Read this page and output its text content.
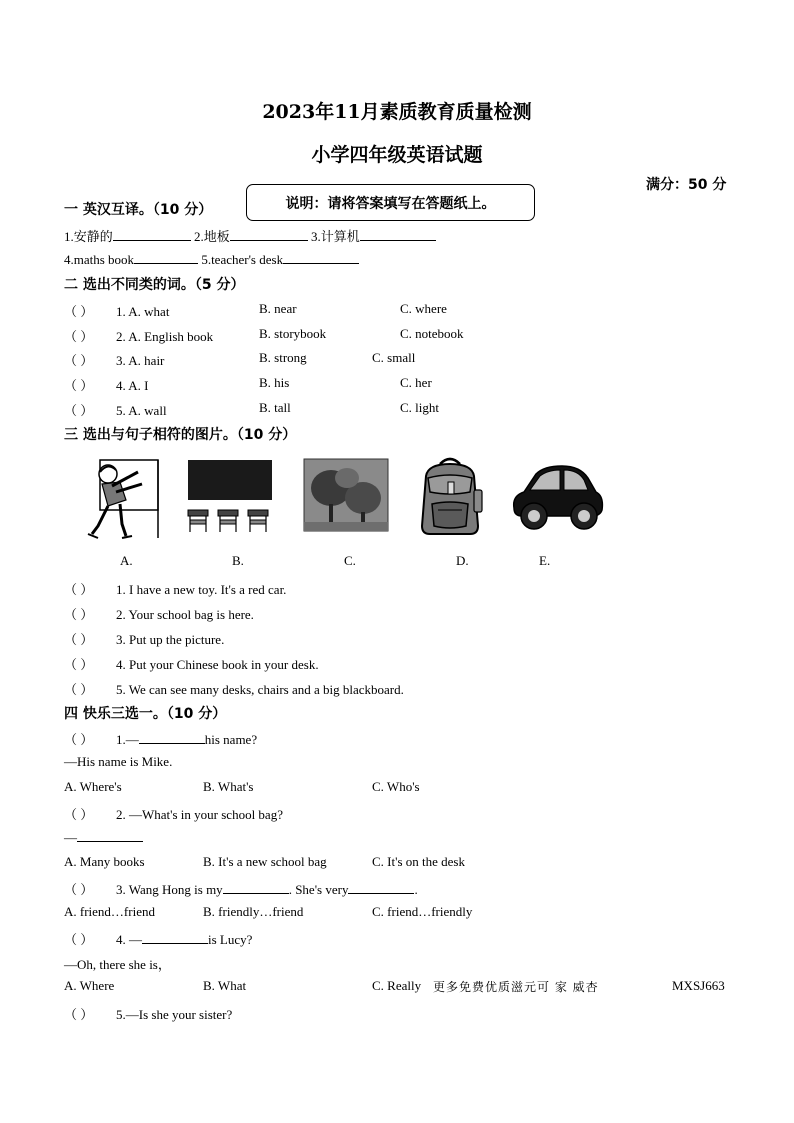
2023年11月素质教育质量检测
小学四年级英语试题
满分：50 分
说明：请将答案填写在答题纸上。
一 英汉互译。（10 分）
1.安静的	2.地板	3.计算机
4.maths book	5.teacher's desk
二 选出不同类的词。（5 分）
（ ） 1. A. what	B. near	C. where
（ ） 2. A. English book	B. storybook	C. notebook
（ ） 3. A. hair	B. strong	C. small
（ ） 4. A. I	B. his	C. her
（ ） 5. A. wall	B. tall	C. light
三 选出与句子相符的图片。（10 分）
A.	B.	C.	D.	E.
（ ） 1. I have a new toy. It's a red car.
（ ） 2. Your school bag is here.
（ ） 3. Put up the picture.
（ ） 4. Put your Chinese book in your desk.
（ ） 5. We can see many desks, chairs and a big blackboard.
四 快乐三选一。（10 分）
（ ） 1.—	his name?
—His name is Mike.
A. Where's	B. What's	C. Who's
（ ） 2. —What's in your school bag?
—
A. Many books	B. It's a new school bag	C. It's on the desk
（ ） 3. Wang Hong is my	. She's very	.
A. friend…friend	B. friendly…friend	C. friend…friendly
（ ） 4. —	is Lucy?
—Oh, there she is，
A. Where	B. What	C. Really 更多免费优质滋元可 家 威杏	MXSJ663
（ ） 5.—Is she your sister?
